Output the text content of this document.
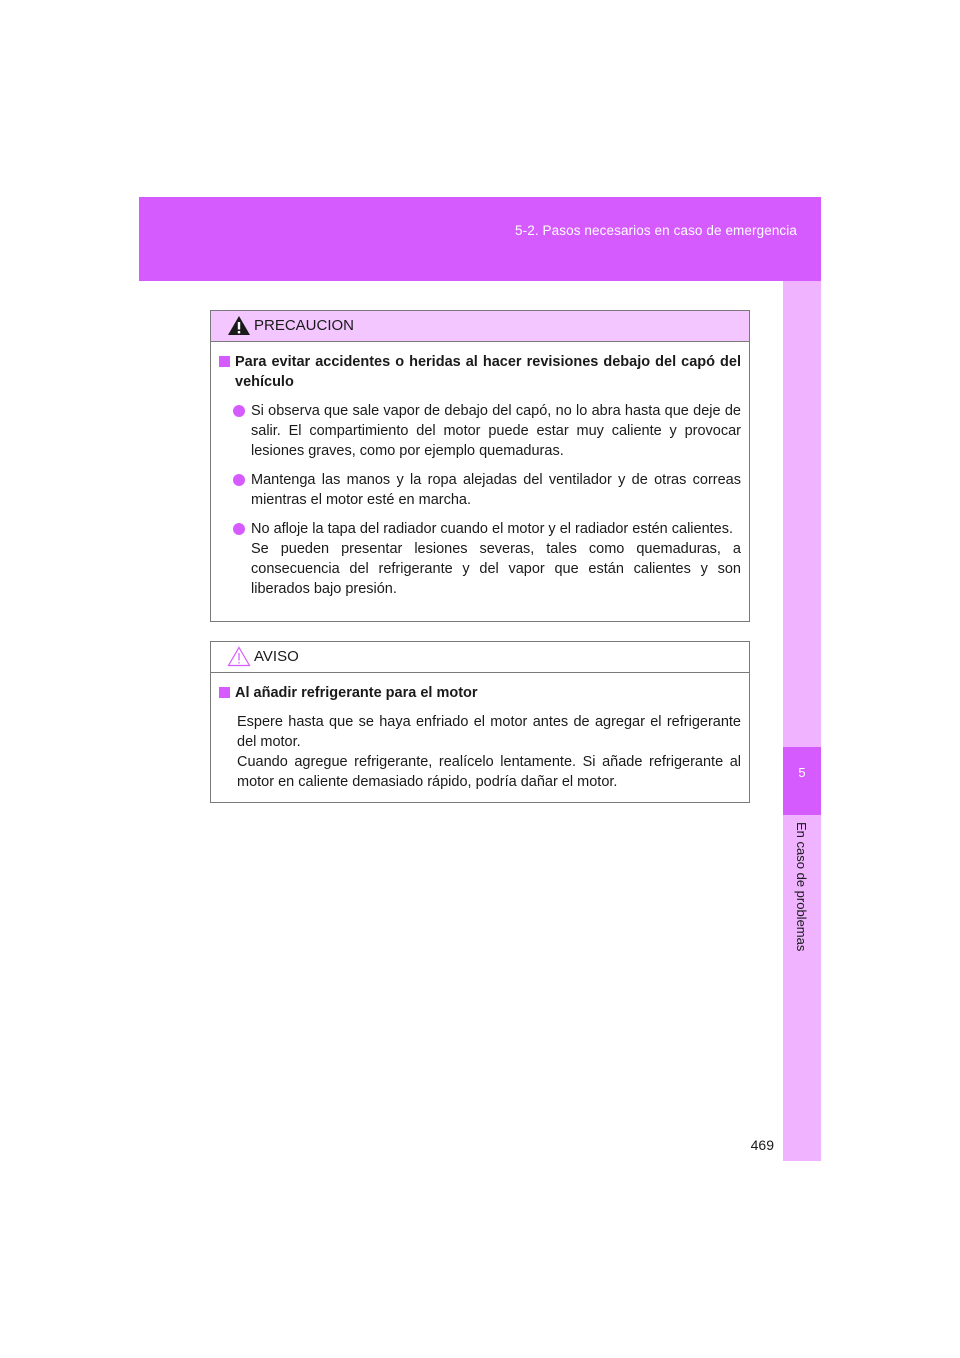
5-2. Pasos necesarios en caso de emergencia
5
En caso de problemas
PRECAUCION
Para evitar accidentes o heridas al hacer revisiones debajo del capó del vehículo
Si observa que sale vapor de debajo del capó, no lo abra hasta que deje de salir. El compartimiento del motor puede estar muy caliente y provocar lesiones graves, como por ejemplo quemaduras.
Mantenga las manos y la ropa alejadas del ventilador y de otras correas mientras el motor esté en marcha.
No afloje la tapa del radiador cuando el motor y el radiador estén calientes.
Se pueden presentar lesiones severas, tales como quemaduras, a consecuencia del refrigerante y del vapor que están calientes y son liberados bajo presión.
AVISO
Al añadir refrigerante para el motor
Espere hasta que se haya enfriado el motor antes de agregar el refrigerante del motor.
Cuando agregue refrigerante, realícelo lentamente. Si añade refrigerante al motor en caliente demasiado rápido, podría dañar el motor.
469
